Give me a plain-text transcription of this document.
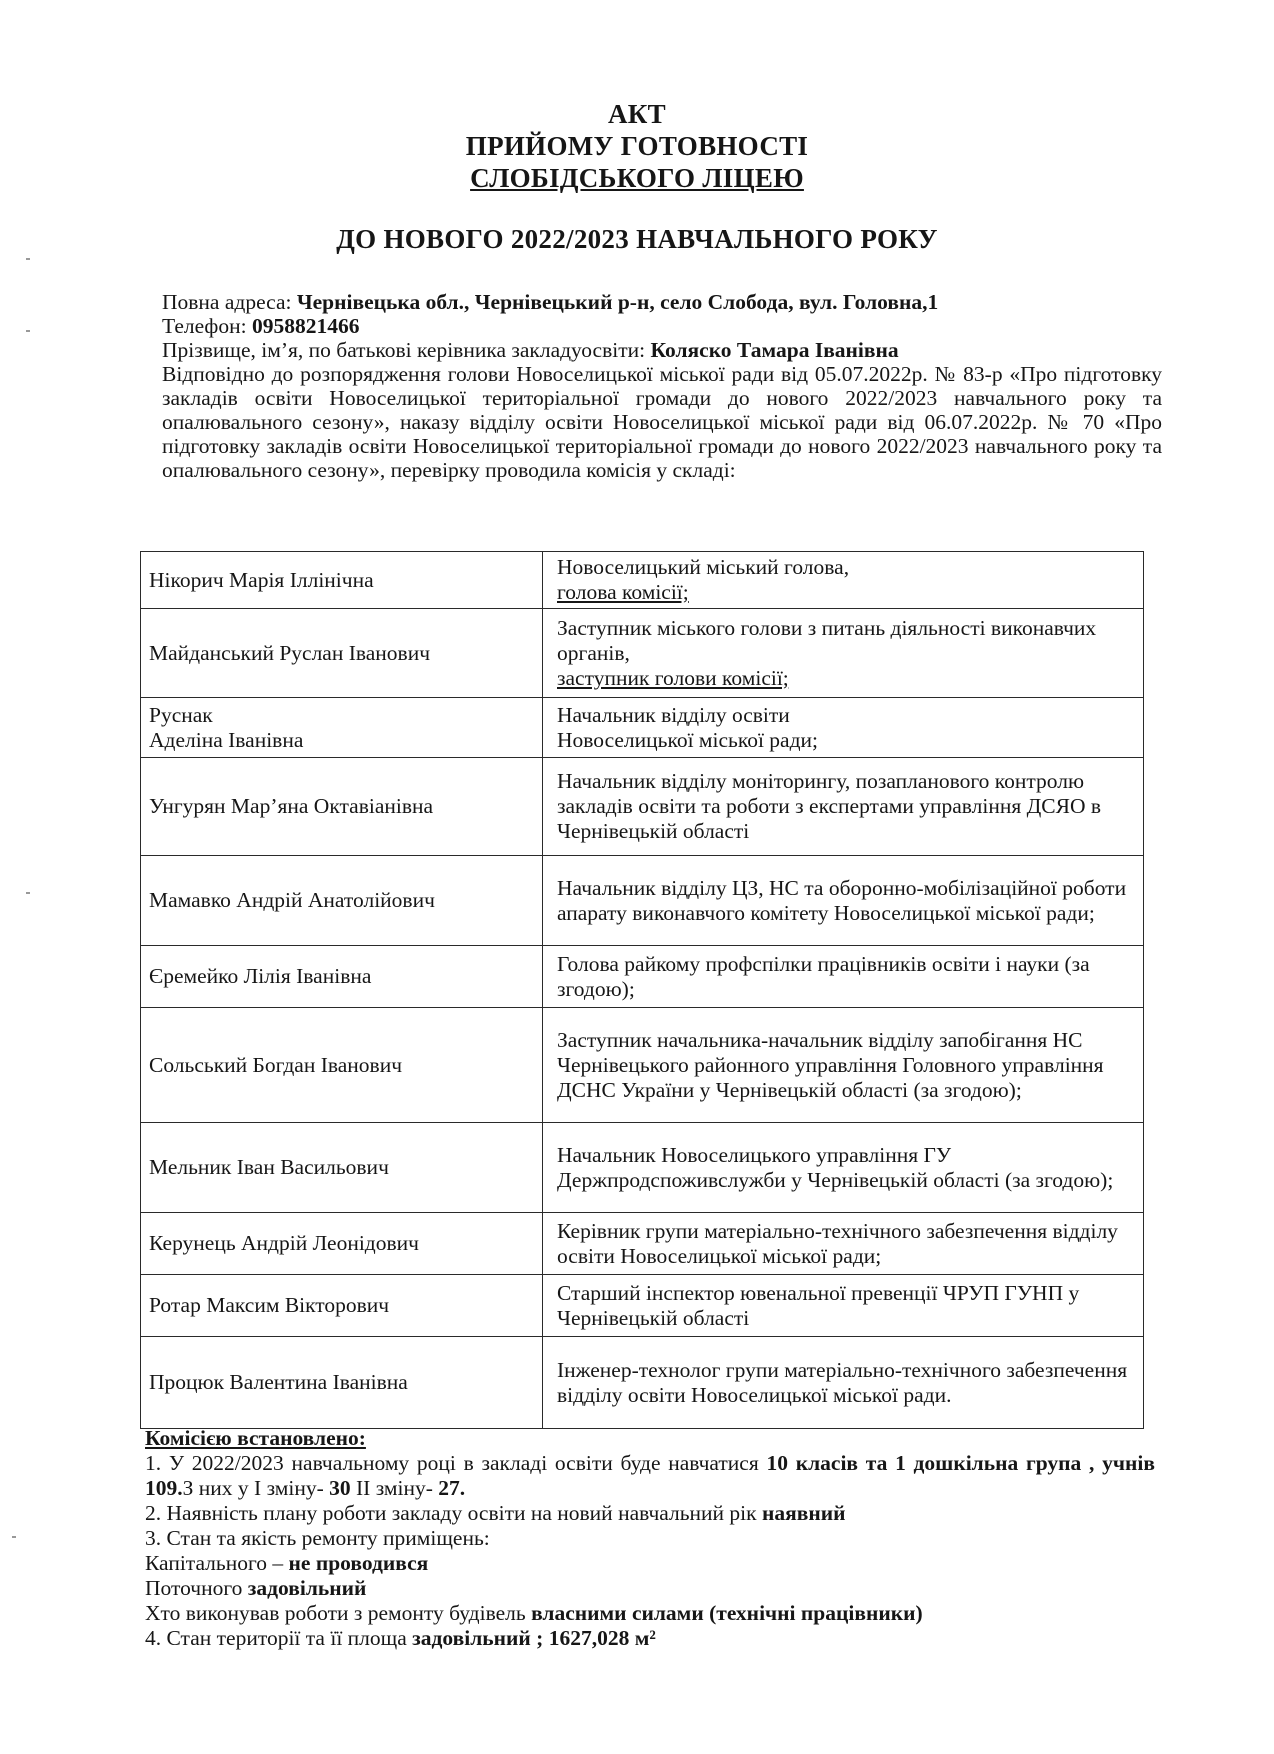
АКТ
ПРИЙОМУ ГОТОВНОСТІ
СЛОБІДСЬКОГО ЛІЦЕЮ
ДО НОВОГО 2022/2023 НАВЧАЛЬНОГО РОКУ
Повна адреса: Чернівецька обл., Чернівецький р-н, село Слобода, вул. Головна,1
Телефон: 0958821466
Прізвище, ім’я, по батькові керівника закладуосвіти: Коляско Тамара Іванівна
Відповідно до розпорядження голови Новоселицької міської ради від 05.07.2022р. № 83-р «Про підготовку закладів освіти Новоселицької територіальної громади до нового 2022/2023 навчального року та опалювального сезону», наказу відділу освіти Новоселицької міської ради від 06.07.2022р. № 70 «Про підготовку закладів освіти Новоселицької територіальної громади до нового 2022/2023 навчального року та опалювального сезону», перевірку проводила комісія у складі:
Нікорич Марія Іллінічна	Новоселицький міський голова,
голова комісії;
Майданський Руслан Іванович	Заступник міського голови з питань діяльності виконавчих органів,
заступник голови комісії;
Руснак
Аделіна Іванівна	Начальник відділу освіти
Новоселицької міської ради;
Унгурян Мар’яна Октавіанівна	Начальник відділу моніторингу, позапланового контролю закладів освіти та роботи з експертами управління ДСЯО в Чернівецькій області
Мамавко Андрій Анатолійович	Начальник відділу ЦЗ, НС та оборонно-мобілізаційної роботи апарату виконавчого комітету Новоселицької міської ради;
Єремейко Лілія Іванівна	Голова райкому профспілки працівників освіти і науки (за згодою);
Сольський Богдан Іванович	Заступник начальника-начальник відділу запобігання НС Чернівецького районного управління Головного управління ДСНС України у Чернівецькій області (за згодою);
Мельник Іван Васильович	Начальник Новоселицького управління ГУ Держпродспоживслужби у Чернівецькій області (за згодою);
Керунець Андрій Леонідович	Керівник групи матеріально-технічного забезпечення відділу освіти Новоселицької міської ради;
Ротар Максим Вікторович	Старший інспектор ювенальної превенції ЧРУП ГУНП у Чернівецькій області
Процюк Валентина Іванівна	Інженер-технолог групи матеріально-технічного забезпечення відділу освіти Новоселицької міської ради.
Комісією встановлено:
1. У 2022/2023 навчальному році в закладі освіти буде навчатися 10 класів та 1 дошкільна група , учнів 109.З них у І зміну- 30 ІІ зміну- 27.
2. Наявність плану роботи закладу освіти на новий навчальний рік наявний
3. Стан та якість ремонту приміщень:
Капітального – не проводився
Поточного задовільний
Хто виконував роботи з ремонту будівель власними силами (технічні працівники)
4. Стан території та її площа задовільний ; 1627,028 м²
